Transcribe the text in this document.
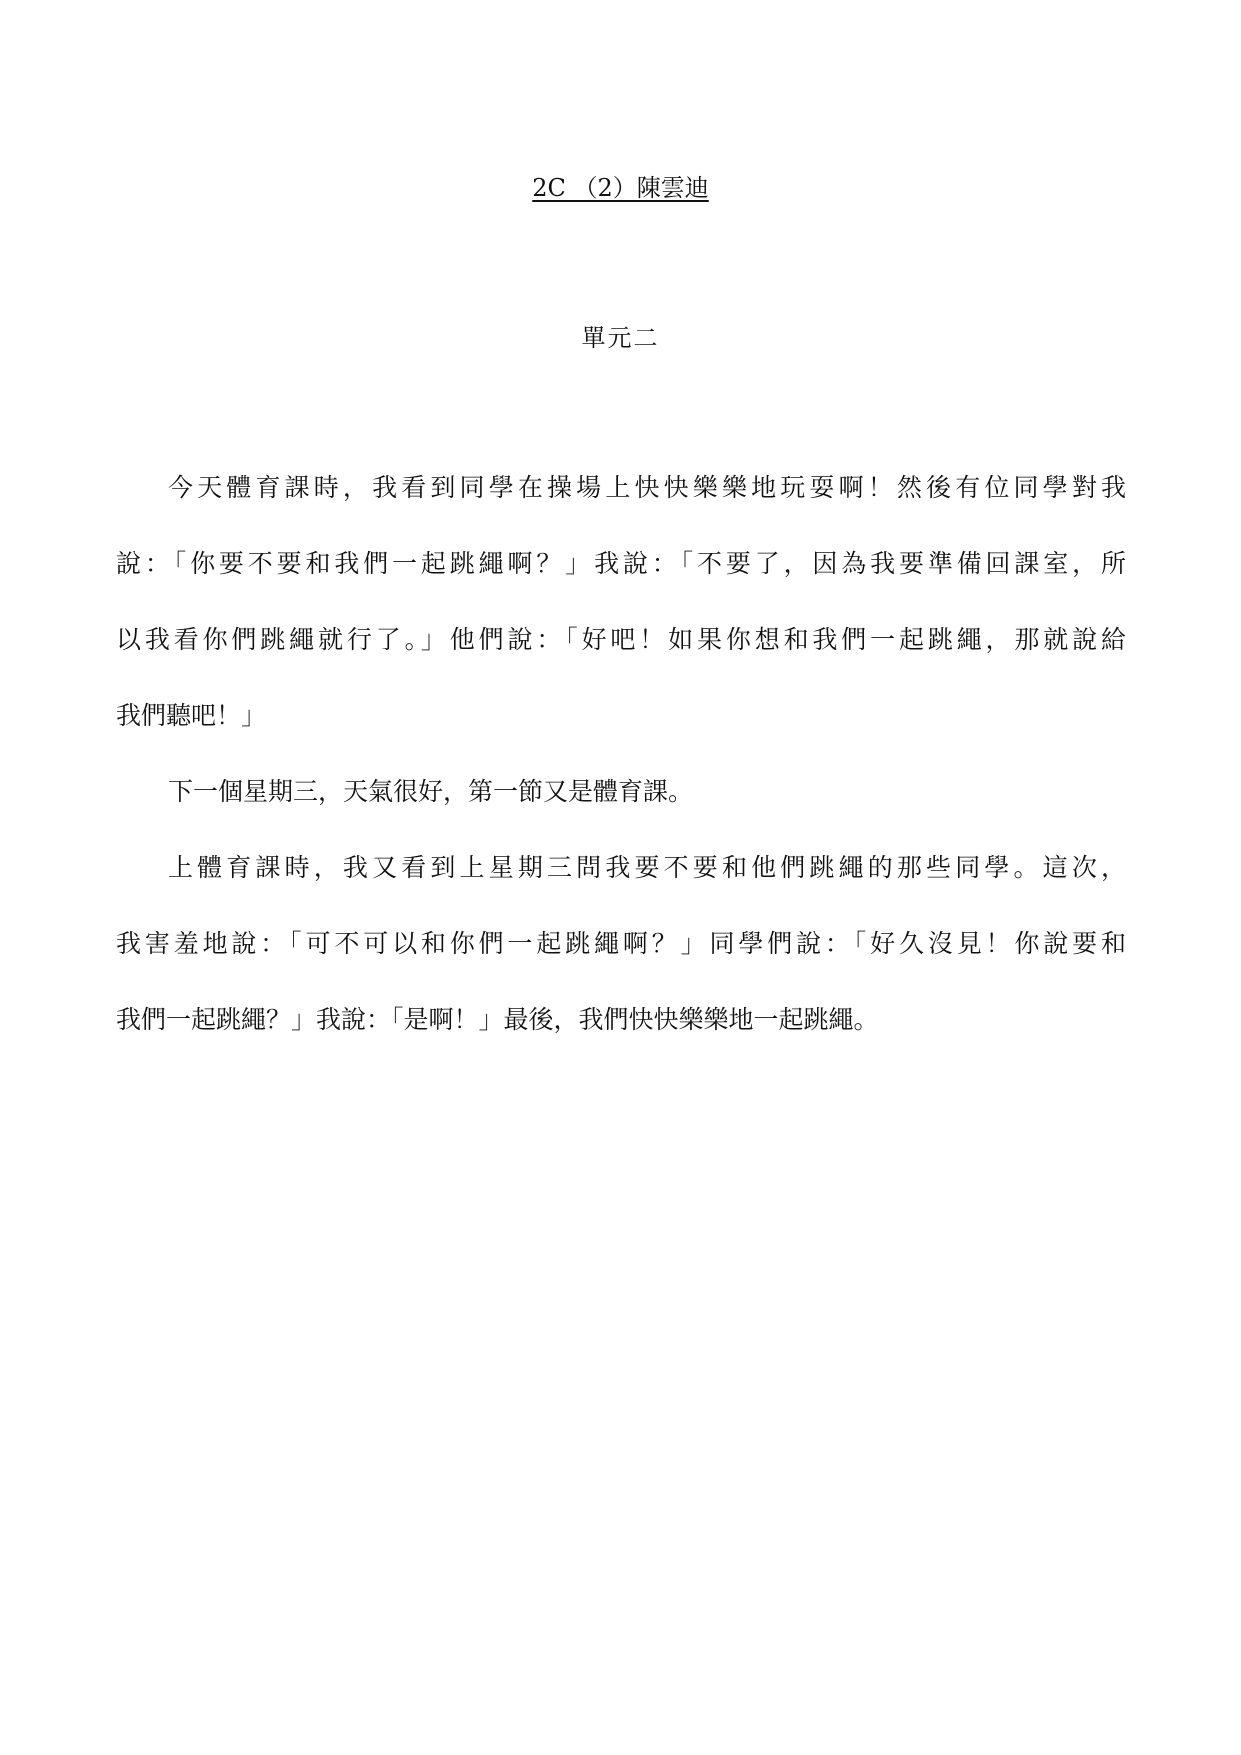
2C （2）陳雲迪
單元二
今天體育課時，我看到同學在操場上快快樂樂地玩耍啊！然後有位同學對我
說：「你要不要和我們一起跳繩啊？」我說：「不要了，因為我要準備回課室，所
以我看你們跳繩就行了。」他們說：「好吧！如果你想和我們一起跳繩，那就說給
我們聽吧！」
下一個星期三，天氣很好，第一節又是體育課。
上體育課時，我又看到上星期三問我要不要和他們跳繩的那些同學。這次，
我害羞地說：「可不可以和你們一起跳繩啊？」同學們說：「好久沒見！你說要和
我們一起跳繩？」我說：「是啊！」最後，我們快快樂樂地一起跳繩。
